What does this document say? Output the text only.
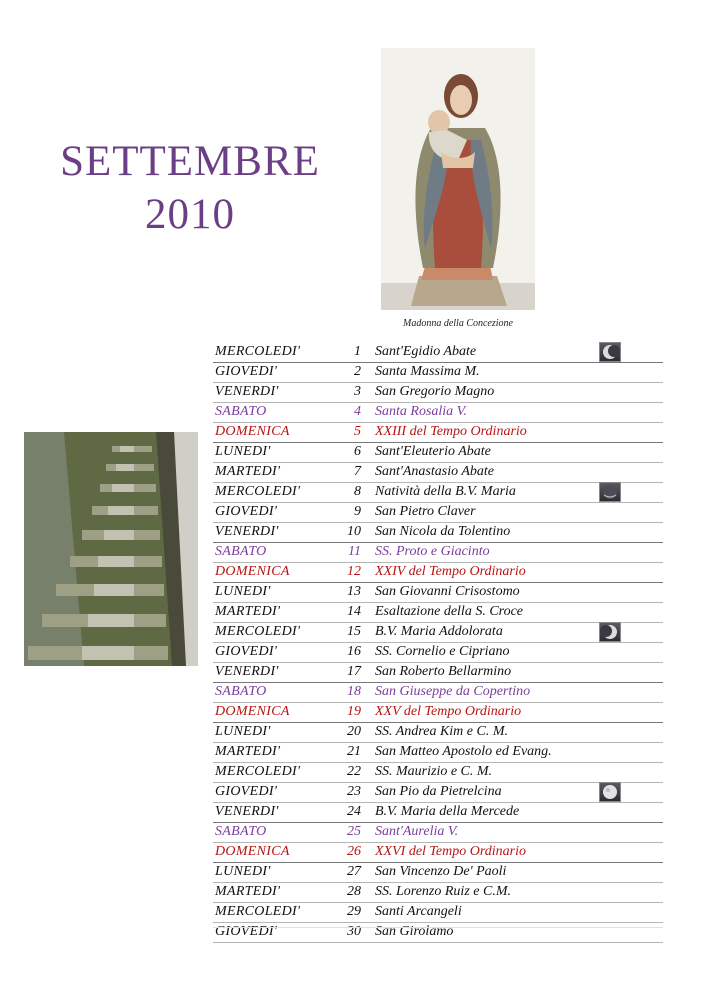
SETTEMBRE
2010
Madonna della Concezione
MERCOLEDI'	1 Sant'Egidio Abate
GIOVEDI'	2 Santa Massima M.
VENERDI'	3 San Gregorio Magno
SABATO	4 Santa Rosalia V.
DOMENICA	5 XXIII del Tempo Ordinario
LUNEDI'	6 Sant'Eleuterio Abate
MARTEDI'	7 Sant'Anastasio Abate
MERCOLEDI'	8 Natività della B.V. Maria
GIOVEDI'	9 San Pietro Claver
VENERDI'	10 San Nicola da Tolentino
SABATO	11 SS. Proto e Giacinto
DOMENICA	12 XXIV del Tempo Ordinario
LUNEDI'	13 San Giovanni Crisostomo
MARTEDI'	14 Esaltazione della S. Croce
MERCOLEDI'	15 B.V. Maria Addolorata
GIOVEDI'	16 SS. Cornelio e Cipriano
VENERDI'	17 San Roberto Bellarmino
SABATO	18 San Giuseppe da Copertino
DOMENICA	19 XXV del Tempo Ordinario
LUNEDI'	20 SS. Andrea Kim e C. M.
MARTEDI'	21 San Matteo Apostolo ed Evang.
MERCOLEDI'	22 SS. Maurizio e C. M.
GIOVEDI'	23 San Pio da Pietrelcina
VENERDI'	24 B.V. Maria della Mercede
SABATO	25 Sant'Aurelia V.
DOMENICA	26 XXVI del Tempo Ordinario
LUNEDI'	27 San Vincenzo De' Paoli
MARTEDI'	28 SS. Lorenzo Ruiz e C.M.
MERCOLEDI'	29 Santi Arcangeli
GIOVEDI'	30 San Girolamo
